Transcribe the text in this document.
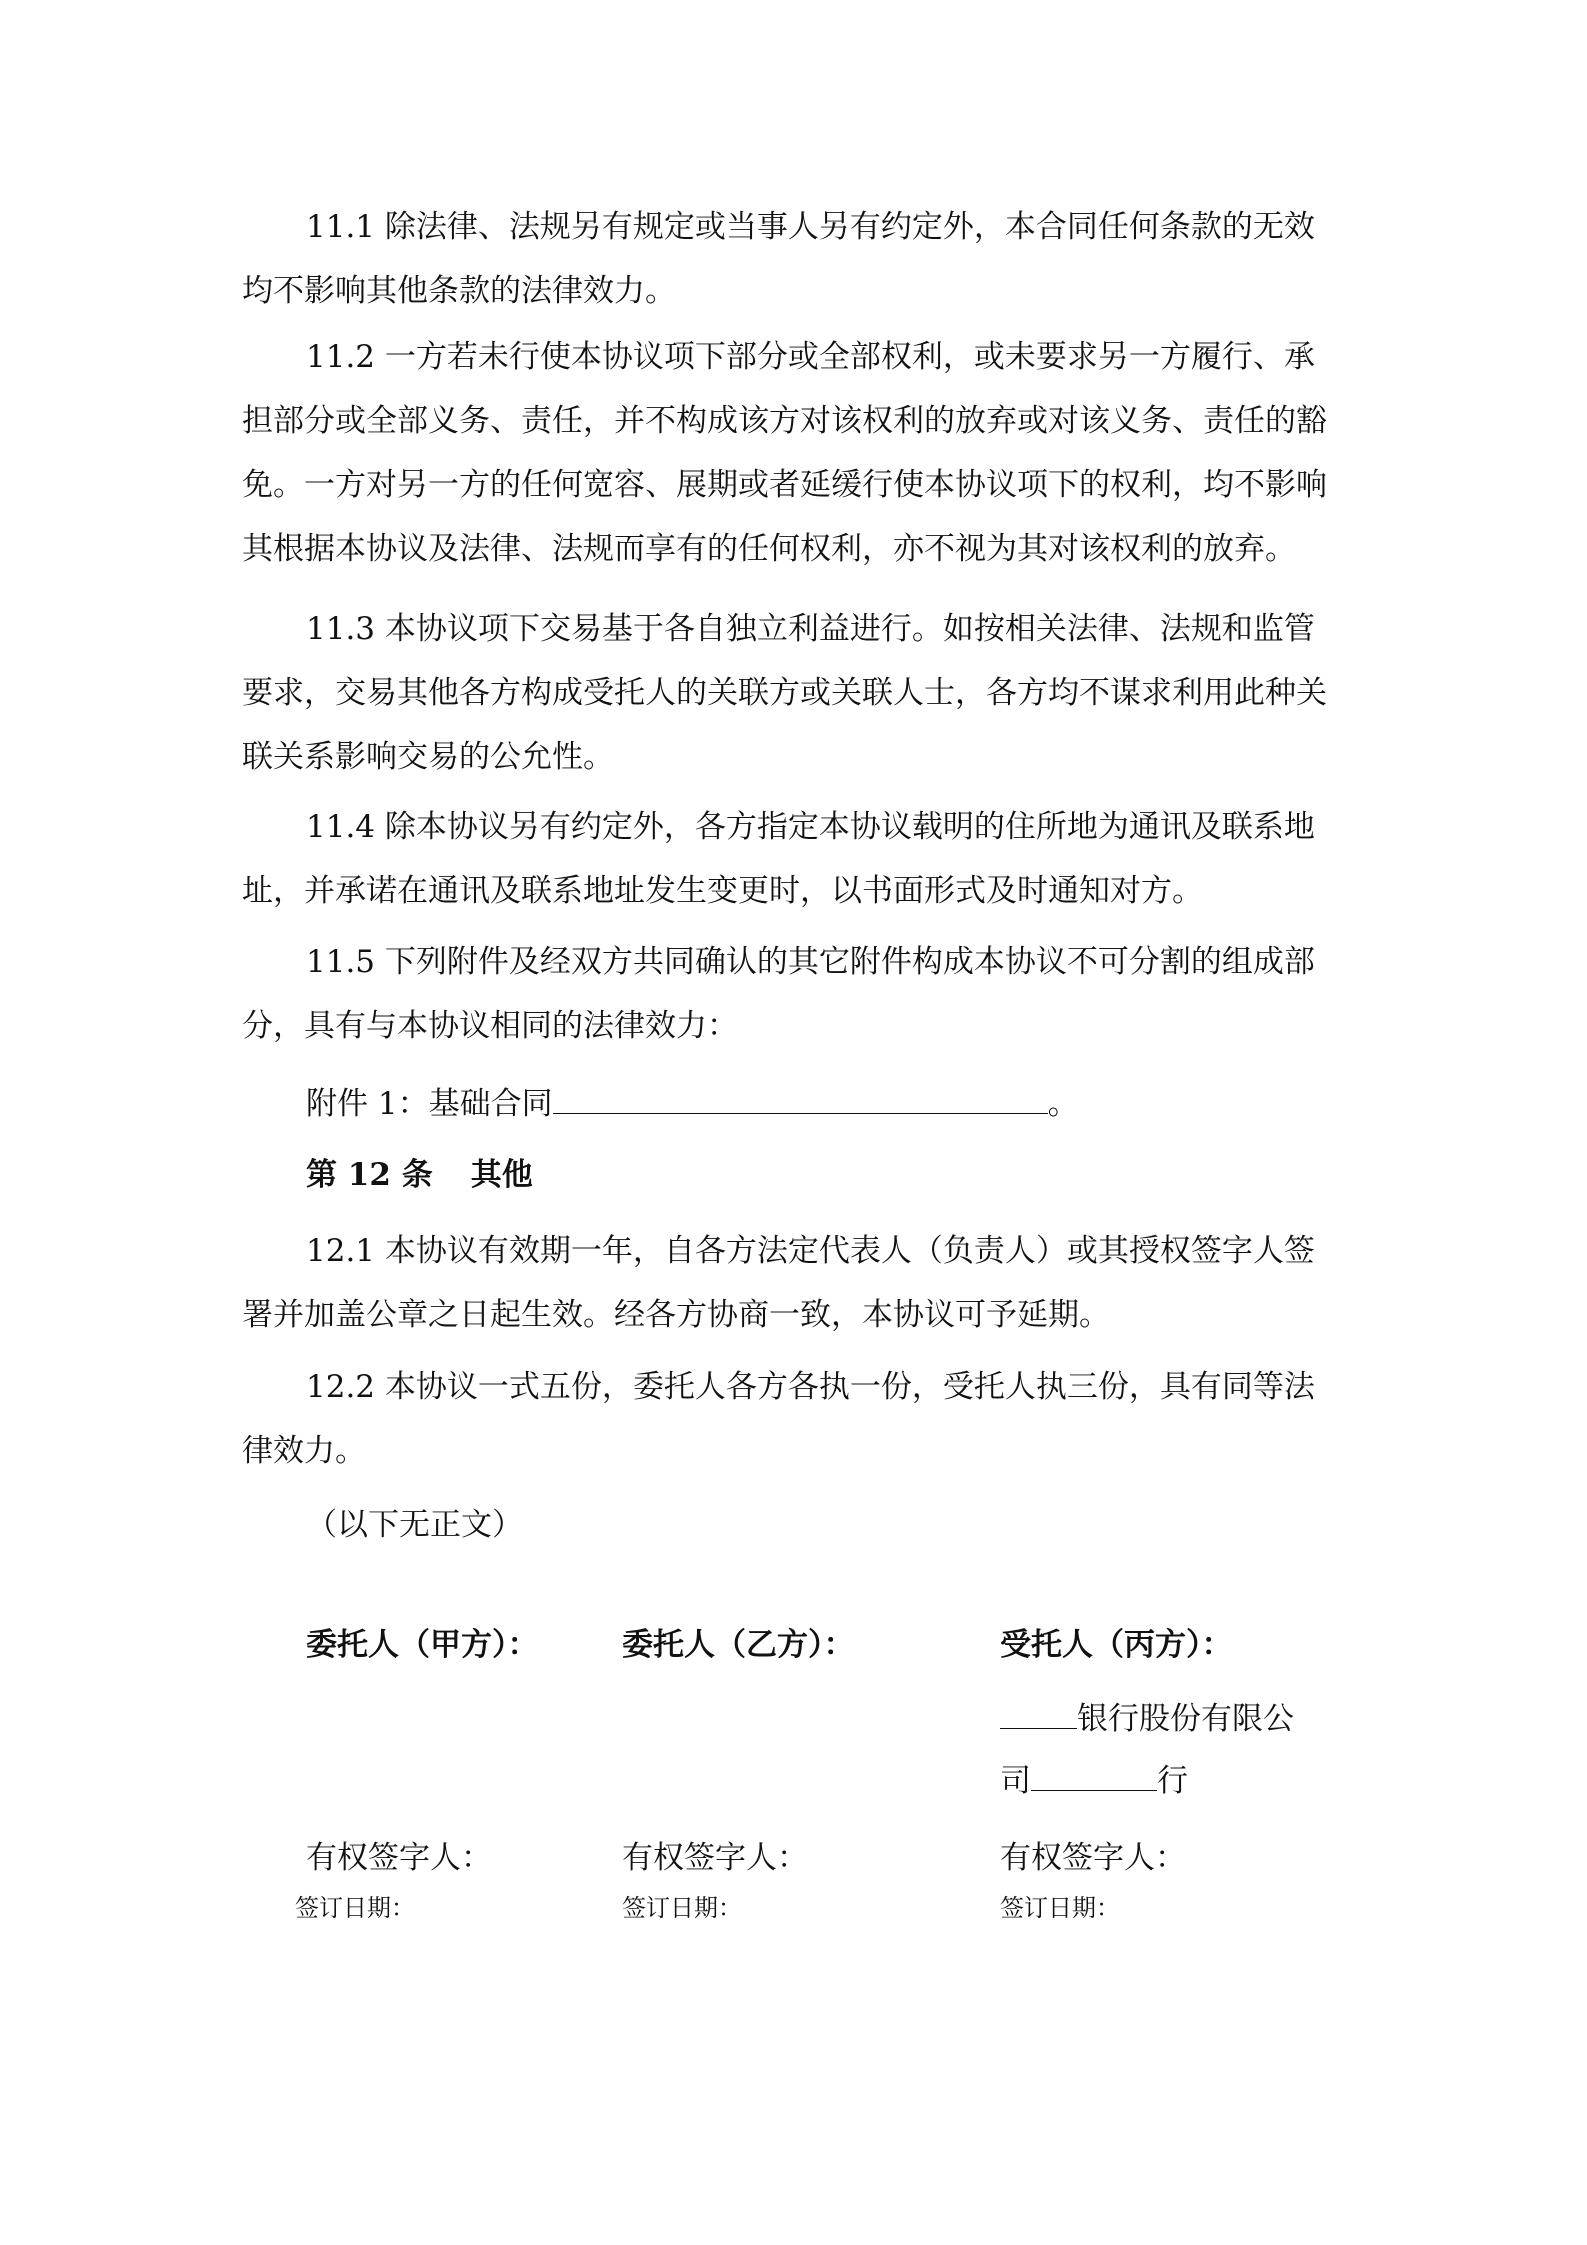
11.1 除法律、法规另有规定或当事人另有约定外，本合同任何条款的无效
均不影响其他条款的法律效力。
11.2 一方若未行使本协议项下部分或全部权利，或未要求另一方履行、承
担部分或全部义务、责任，并不构成该方对该权利的放弃或对该义务、责任的豁
免。一方对另一方的任何宽容、展期或者延缓行使本协议项下的权利，均不影响
其根据本协议及法律、法规而享有的任何权利，亦不视为其对该权利的放弃。
11.3 本协议项下交易基于各自独立利益进行。如按相关法律、法规和监管
要求，交易其他各方构成受托人的关联方或关联人士，各方均不谋求利用此种关
联关系影响交易的公允性。
11.4 除本协议另有约定外，各方指定本协议载明的住所地为通讯及联系地
址，并承诺在通讯及联系地址发生变更时，以书面形式及时通知对方。
11.5 下列附件及经双方共同确认的其它附件构成本协议不可分割的组成部
分，具有与本协议相同的法律效力：
附件 1：基础合同	。
第 12 条 其他
12.1 本协议有效期一年，自各方法定代表人（负责人）或其授权签字人签
署并加盖公章之日起生效。经各方协商一致，本协议可予延期。
12.2 本协议一式五份，委托人各方各执一份，受托人执三份，具有同等法
律效力。
（以下无正文）
委托人（甲方）：
有权签字人：
签订日期：
委托人（乙方）：
有权签字人：
签订日期：
受托人（丙方）：
银行股份有限公
司	行
有权签字人：
签订日期：
